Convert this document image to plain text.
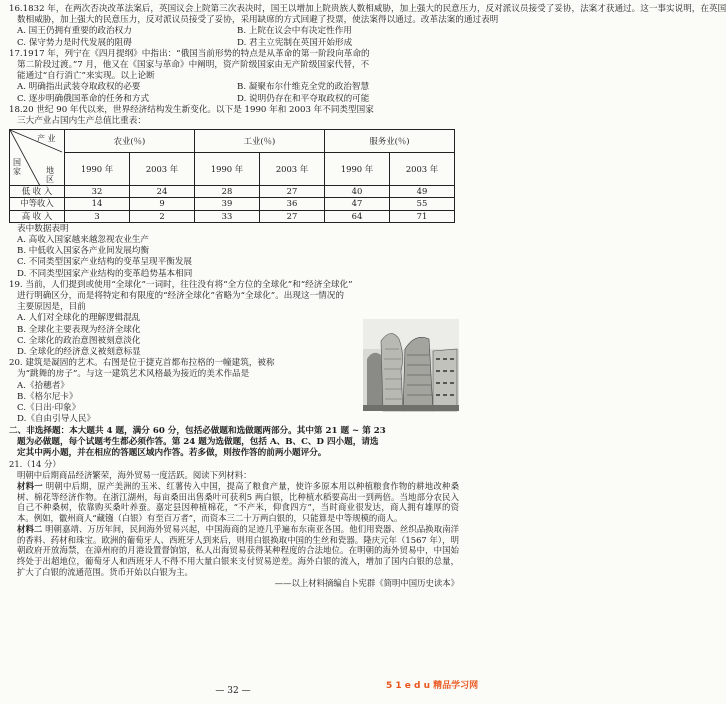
16.1832 年，在两次否决改革法案后，英国议会上院第三次表决时，国王以增加上院贵族人数相威胁，加上强大的民意压力，反对派议员接受了妥协，法案才获通过。这一事实说明，在英国
数相威胁，加上强大的民意压力，反对派议员接受了妥协，采用缺席的方式回避了投票，使法案得以通过。改革法案的通过表明
A. 国王仍拥有重要的政治权力	B. 上院在议会中有决定性作用
C. 保守势力是时代发展的阻碍	D. 君主立宪制在英国开始形成
17.1917 年，列宁在《四月提纲》中指出：“俄国当前形势的特点是从革命的第一阶段向革命的
第二阶段过渡。”7 月，他又在《国家与革命》中阐明，资产阶级国家由无产阶级国家代替，不
能通过“自行消亡”来实现。以上论断
A. 明确指出武装夺取政权的必要	B. 凝聚布尔什维克全党的政治智慧
C. 逐步明确俄国革命的任务和方式	D. 说明仍存在和平夺取政权的可能
18.20 世纪 90 年代以来，世界经济结构发生新变化。以下是 1990 年和 2003 年不同类型国家
三大产业占国内生产总值比重表：
产 业
国家 地 区	农业(％)		工业(％)		服务业(％)	
	1990 年	2003 年	1990 年	2003 年	1990 年	2003 年
低 收 入	32	24	28	27	40	49
中等收入	14	9	39	36	47	55
高 收 入	3	2	33	27	64	71
表中数据表明
A. 高收入国家越来越忽视农业生产
B. 中低收入国家各产业间发展均衡
C. 不同类型国家产业结构的变革呈现平衡发展
D. 不同类型国家产业结构的变革趋势基本相同
19. 当前，人们提到或使用“全球化”一词时，往往没有将“全方位的全球化”和“经济全球化”
进行明确区分，而是将特定和有限度的“经济全球化”省略为“全球化”。出现这一情况的
主要原因是，目前
A. 人们对全球化的理解逻辑混乱
B. 全球化主要表现为经济全球化
C. 全球化的政治意图被刻意淡化
D. 全球化的经济意义被刻意标显
20. 建筑是凝固的艺术。右图是位于捷克首都布拉格的一幢建筑，被称
为“跳舞的房子”。与这一建筑艺术风格最为接近的美术作品是
A.《拾穗者》
B.《格尔尼卡》
C.《日出·印象》
D.《自由引导人民》
二、非选择题：本大题共 4 题，满分 60 分，包括必做题和选做题两部分。其中第 21 题 ~ 第 23
题为必做题，每个试题考生都必须作答。第 24 题为选做题，包括 A、B、C、D 四小题，请选
定其中两小题，并在相应的答题区域内作答。若多做，则按作答的前两小题评分。
21.（14 分）
明朝中后期商品经济繁荣，海外贸易一度活跃。阅读下列材料：
材料一 明朝中后期，原产美洲的玉米、红薯传入中国，提高了粮食产量，使许多原本用以种植粮食作物的耕地改种桑树、棉花等经济作物。在浙江湖州，每亩桑田出售桑叶可获利5 两白银，比种植水稻要高出一到两倍。当地部分农民入自己不种桑树，依靠购买桑叶养蚕。嘉定县因种植棉花，“不产米，仰食四方”，当时商业很发达，商人拥有雄厚的资本。例如，徽州商人“藏镪（白银）有至百万者”，而资本三二十万两白银的，只能算是中等规模的商人。
材料二 明朝嘉靖、万历年间，民间海外贸易兴起，中国海商的足迹几乎遍布东南亚各国。他们用瓷器、丝织品换取南洋的香料、药材和珠宝。欧洲的葡萄牙人、西班牙人到来后，则用白银换取中国的生丝和瓷器。隆庆元年（1567 年），明朝政府开放海禁，在漳州府的月港设置督饷馆，私人出海贸易获得某种程度的合法地位。在明朝的海外贸易中，中国始终处于出超地位，葡萄牙人和西班牙人不得不用大量白银来支付贸易逆差。海外白银的流入，增加了国内白银的总量，扩大了白银的流通范围。货币开始以白银为主。
——以上材料摘编自卜宪群《简明中国历史读本》
— 32 —	5 1 e d u 精品学习网
